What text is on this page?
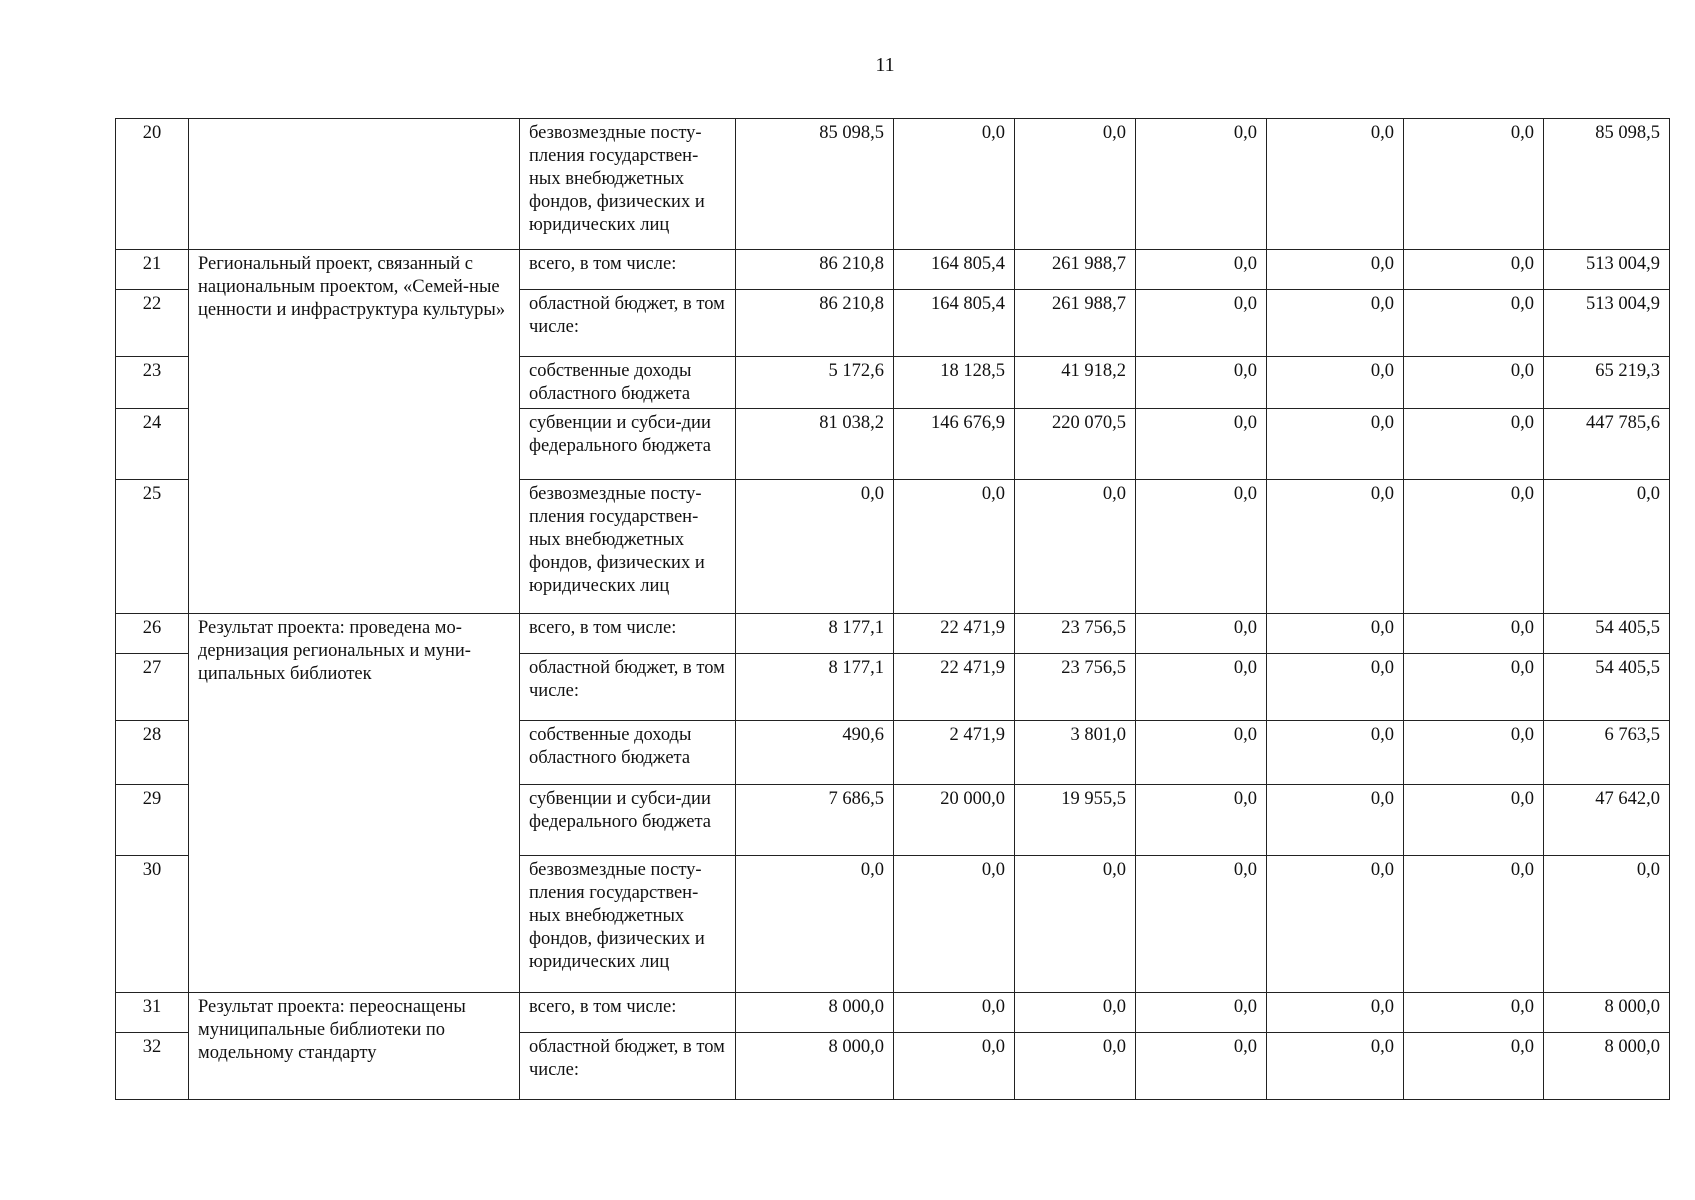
11
20		безвозмездные посту-пления государствен-ных внебюджетных фондов, физических и юридических лиц	85 098,5	0,0	0,0	0,0	0,0	0,0	85 098,5
21	Региональный проект, связанный с национальным проектом, «Семей-ные ценности и инфраструктура культуры»	всего, в том числе:	86 210,8	164 805,4	261 988,7	0,0	0,0	0,0	513 004,9
22		областной бюджет, в том числе:	86 210,8	164 805,4	261 988,7	0,0	0,0	0,0	513 004,9
23		собственные доходы областного бюджета	5 172,6	18 128,5	41 918,2	0,0	0,0	0,0	65 219,3
24		субвенции и субси-дии федерального бюджета	81 038,2	146 676,9	220 070,5	0,0	0,0	0,0	447 785,6
25		безвозмездные посту-пления государствен-ных внебюджетных фондов, физических и юридических лиц	0,0	0,0	0,0	0,0	0,0	0,0	0,0
26	Результат проекта: проведена мо-дернизация региональных и муни-ципальных библиотек	всего, в том числе:	8 177,1	22 471,9	23 756,5	0,0	0,0	0,0	54 405,5
27		областной бюджет, в том числе:	8 177,1	22 471,9	23 756,5	0,0	0,0	0,0	54 405,5
28		собственные доходы областного бюджета	490,6	2 471,9	3 801,0	0,0	0,0	0,0	6 763,5
29		субвенции и субси-дии федерального бюджета	7 686,5	20 000,0	19 955,5	0,0	0,0	0,0	47 642,0
30		безвозмездные посту-пления государствен-ных внебюджетных фондов, физических и юридических лиц	0,0	0,0	0,0	0,0	0,0	0,0	0,0
31	Результат проекта: переоснащены муниципальные библиотеки по модельному стандарту	всего, в том числе:	8 000,0	0,0	0,0	0,0	0,0	0,0	8 000,0
32		областной бюджет, в том числе:	8 000,0	0,0	0,0	0,0	0,0	0,0	8 000,0
